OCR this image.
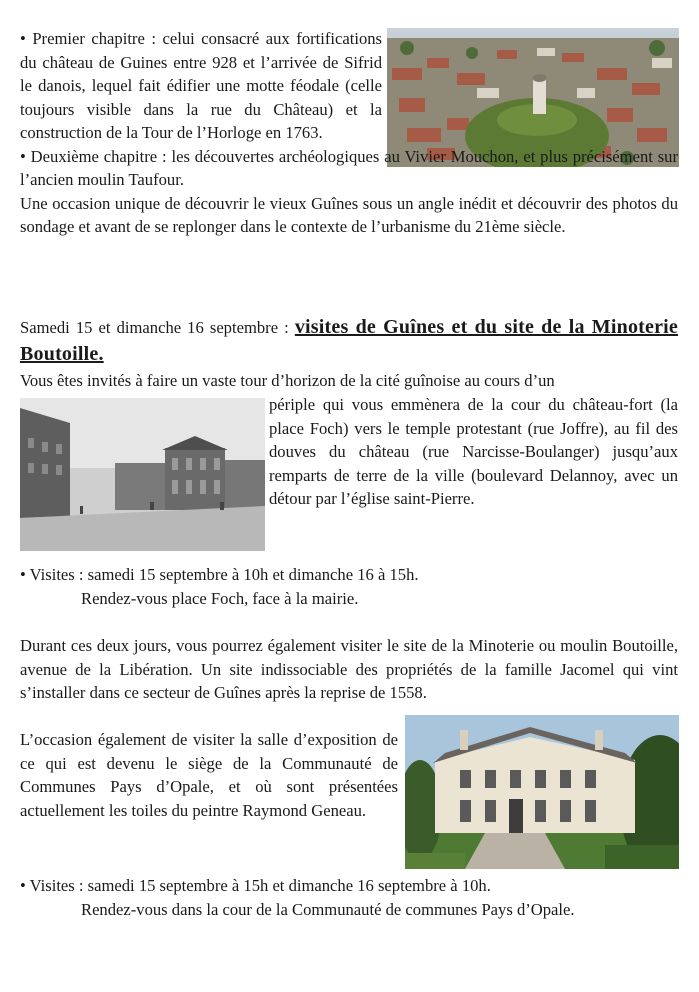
• Premier chapitre : celui consacré aux fortifications du château de Guines entre 928 et l’arrivée de Sifrid le danois, lequel fait édifier une motte féodale (celle toujours visible dans la rue du Château) et la construction de la Tour de l’Horloge en 1763.

• Deuxième chapitre : les découvertes archéologiques au Vivier Mouchon, et plus précisément sur l’ancien moulin Taufour.

Une occasion unique de découvrir le vieux Guînes sous un angle inédit et découvrir des photos du sondage et avant de se replonger dans le contexte de l’urbanisme du 21ème siècle.

Samedi 15 et dimanche 16 septembre : visites de Guînes et du site de la Minoterie Boutoille.

Vous êtes invités à faire un vaste tour d’horizon de la cité guînoise au cours d’un

périple qui vous emmènera de la cour du château-fort (la place Foch) vers le temple protestant (rue Joffre), au fil des douves du château (rue Narcisse-Boulanger) jusqu’aux remparts de terre de la ville (boulevard Delannoy, avec un détour par l’église saint-Pierre.

• Visites : samedi 15 septembre à 10h et dimanche 16 à 15h.

Rendez-vous place Foch, face à la mairie.

Durant ces deux jours, vous pourrez également visiter le site de la Minoterie ou moulin Boutoille, avenue de la Libération. Un site indissociable des propriétés de la famille Jacomel qui vint s’installer dans ce secteur de Guînes après la reprise de 1558.

L’occasion également de visiter la salle d’exposition de ce qui est devenu le siège de la Communauté de Communes Pays d’Opale, et où sont présentées actuellement les toiles du peintre Raymond Geneau.

• Visites : samedi 15 septembre à 15h et dimanche 16 septembre à 10h.

Rendez-vous dans la cour de la Communauté de communes Pays d’Opale.
